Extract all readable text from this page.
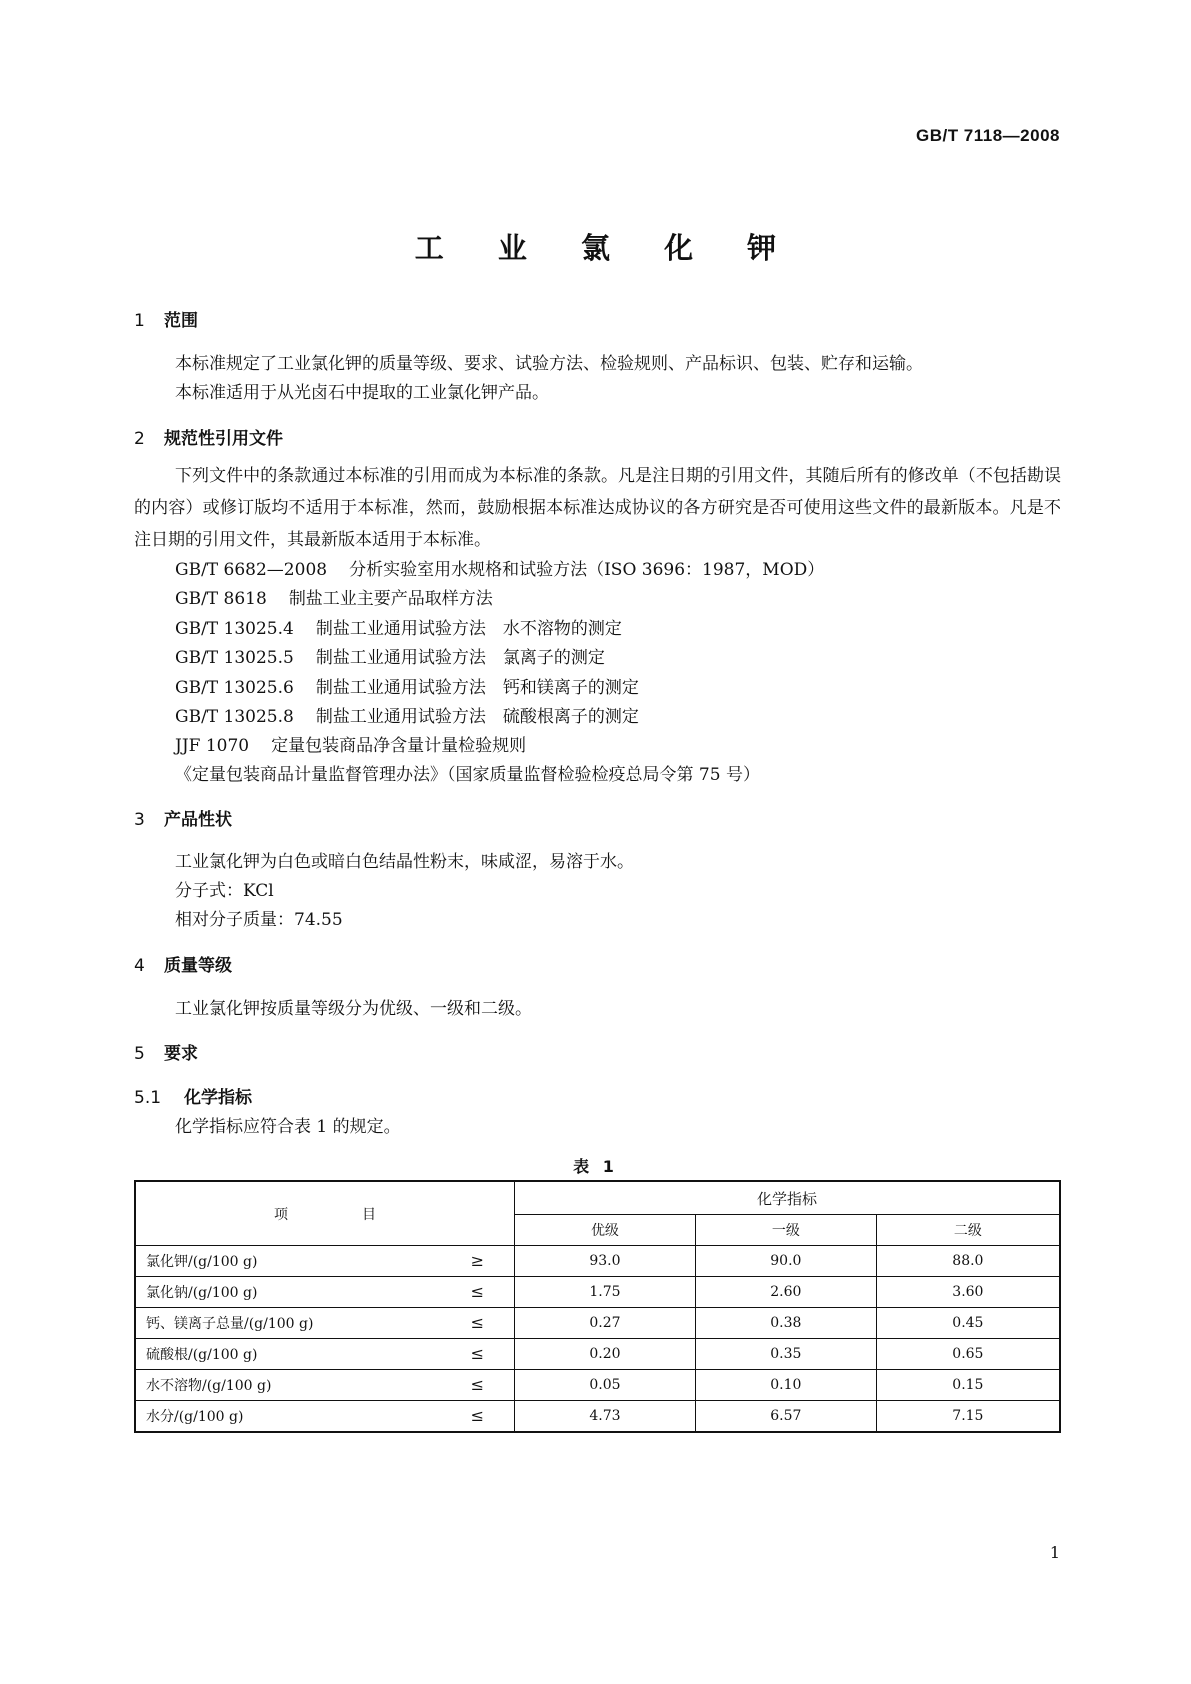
GB/T 7118—2008
工 业 氯 化 钾
1 范围
本标准规定了工业氯化钾的质量等级、要求、试验方法、检验规则、产品标识、包装、贮存和运输。
本标准适用于从光卤石中提取的工业氯化钾产品。
2 规范性引用文件
下列文件中的条款通过本标准的引用而成为本标准的条款。凡是注日期的引用文件，其随后所有的修改单（不包括勘误的内容）或修订版均不适用于本标准，然而，鼓励根据本标准达成协议的各方研究是否可使用这些文件的最新版本。凡是不注日期的引用文件，其最新版本适用于本标准。
GB/T 6682—2008 分析实验室用水规格和试验方法（ISO 3696：1987，MOD）
GB/T 8618 制盐工业主要产品取样方法
GB/T 13025.4 制盐工业通用试验方法　水不溶物的测定
GB/T 13025.5 制盐工业通用试验方法　氯离子的测定
GB/T 13025.6 制盐工业通用试验方法　钙和镁离子的测定
GB/T 13025.8 制盐工业通用试验方法　硫酸根离子的测定
JJF 1070 定量包装商品净含量计量检验规则
《定量包装商品计量监督管理办法》（国家质量监督检验检疫总局令第 75 号）
3 产品性状
工业氯化钾为白色或暗白色结晶性粉末，味咸涩，易溶于水。
分子式：KCl
相对分子质量：74.55
4 质量等级
工业氯化钾按质量等级分为优级、一级和二级。
5 要求
5.1 化学指标
化学指标应符合表 1 的规定。
表 1
项　目	化学指标		
	优级	一级	二级
氯化钾/(g/100 g) ≥	93.0	90.0	88.0
氯化钠/(g/100 g) ≤	1.75	2.60	3.60
钙、镁离子总量/(g/100 g) ≤	0.27	0.38	0.45
硫酸根/(g/100 g) ≤	0.20	0.35	0.65
水不溶物/(g/100 g) ≤	0.05	0.10	0.15
水分/(g/100 g) ≤	4.73	6.57	7.15
1
